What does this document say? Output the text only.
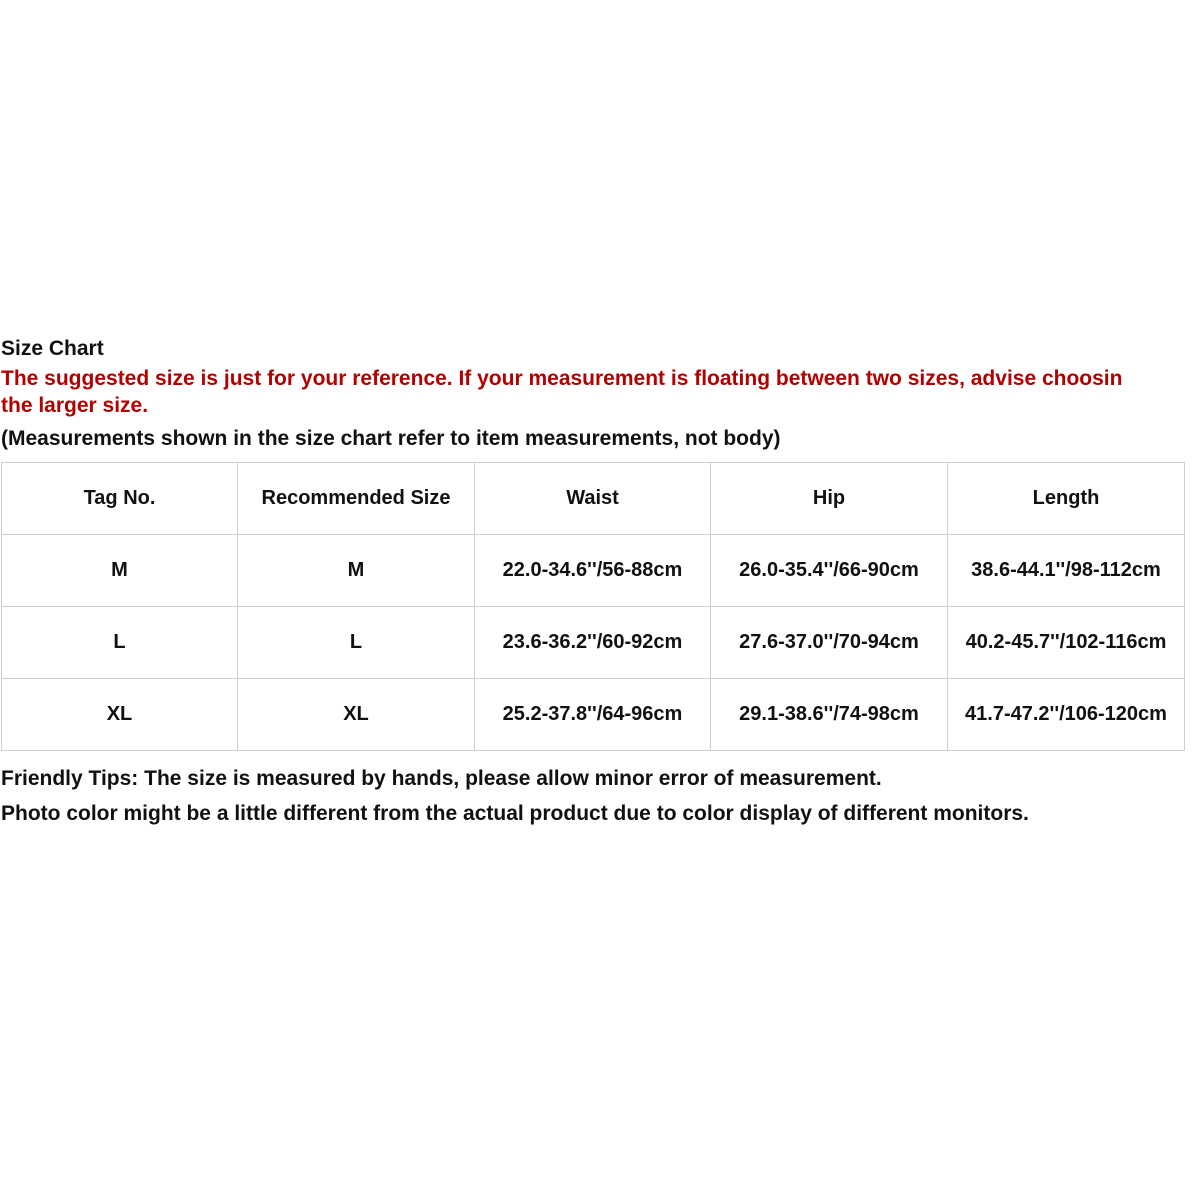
Size Chart
The suggested size is just for your reference. If your measurement is floating between two sizes, advise choosin
the larger size.
(Measurements shown in the size chart refer to item measurements, not body)
Tag No.	Recommended Size	Waist	Hip	Length
M	M	22.0-34.6''/56-88cm	26.0-35.4''/66-90cm	38.6-44.1''/98-112cm
L	L	23.6-36.2''/60-92cm	27.6-37.0''/70-94cm	40.2-45.7''/102-116cm
XL	XL	25.2-37.8''/64-96cm	29.1-38.6''/74-98cm	41.7-47.2''/106-120cm
Friendly Tips: The size is measured by hands, please allow minor error of measurement.
Photo color might be a little different from the actual product due to color display of different monitors.
